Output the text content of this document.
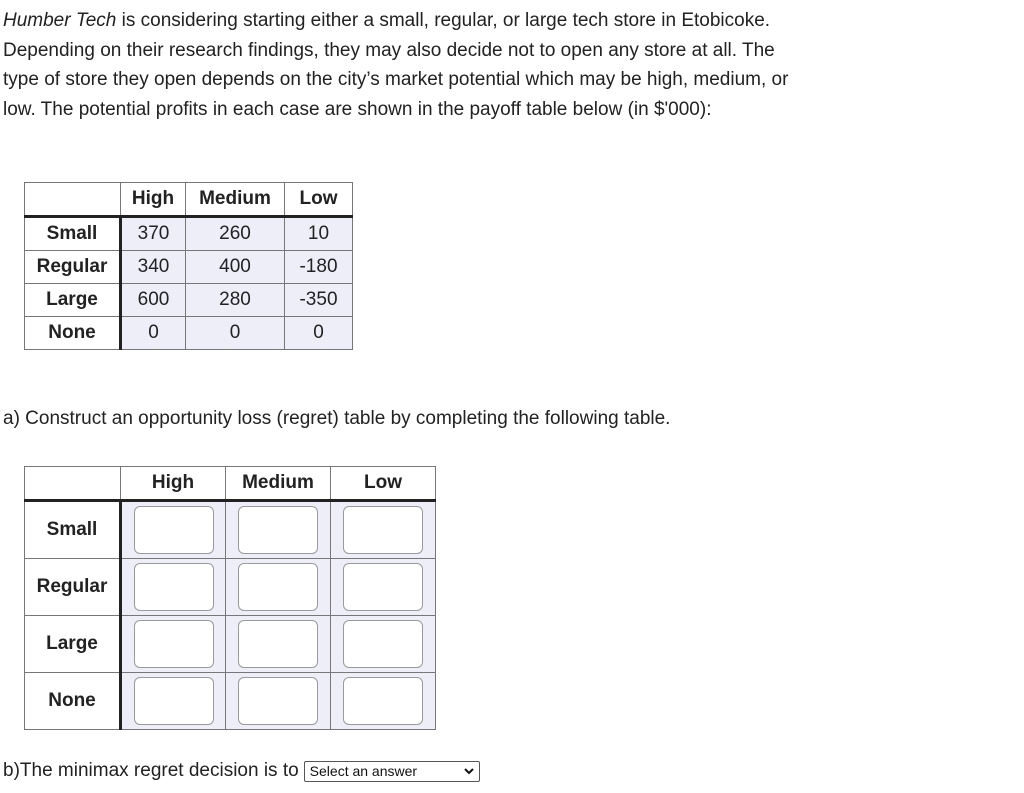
Humber Tech is considering starting either a small, regular, or large tech store in Etobicoke. Depending on their research findings, they may also decide not to open any store at all. The type of store they open depends on the city’s market potential which may be high, medium, or low. The potential profits in each case are shown in the payoff table below (in $'000):

	High	Medium	Low
Small	370	260	10
Regular	340	400	-180
Large	600	280	-350
None	0	0	0

a) Construct an opportunity loss (regret) table by completing the following table.

	High	Medium	Low
Small	

Regular	

Large	

None	

b)The minimax regret decision is to Select an answer
